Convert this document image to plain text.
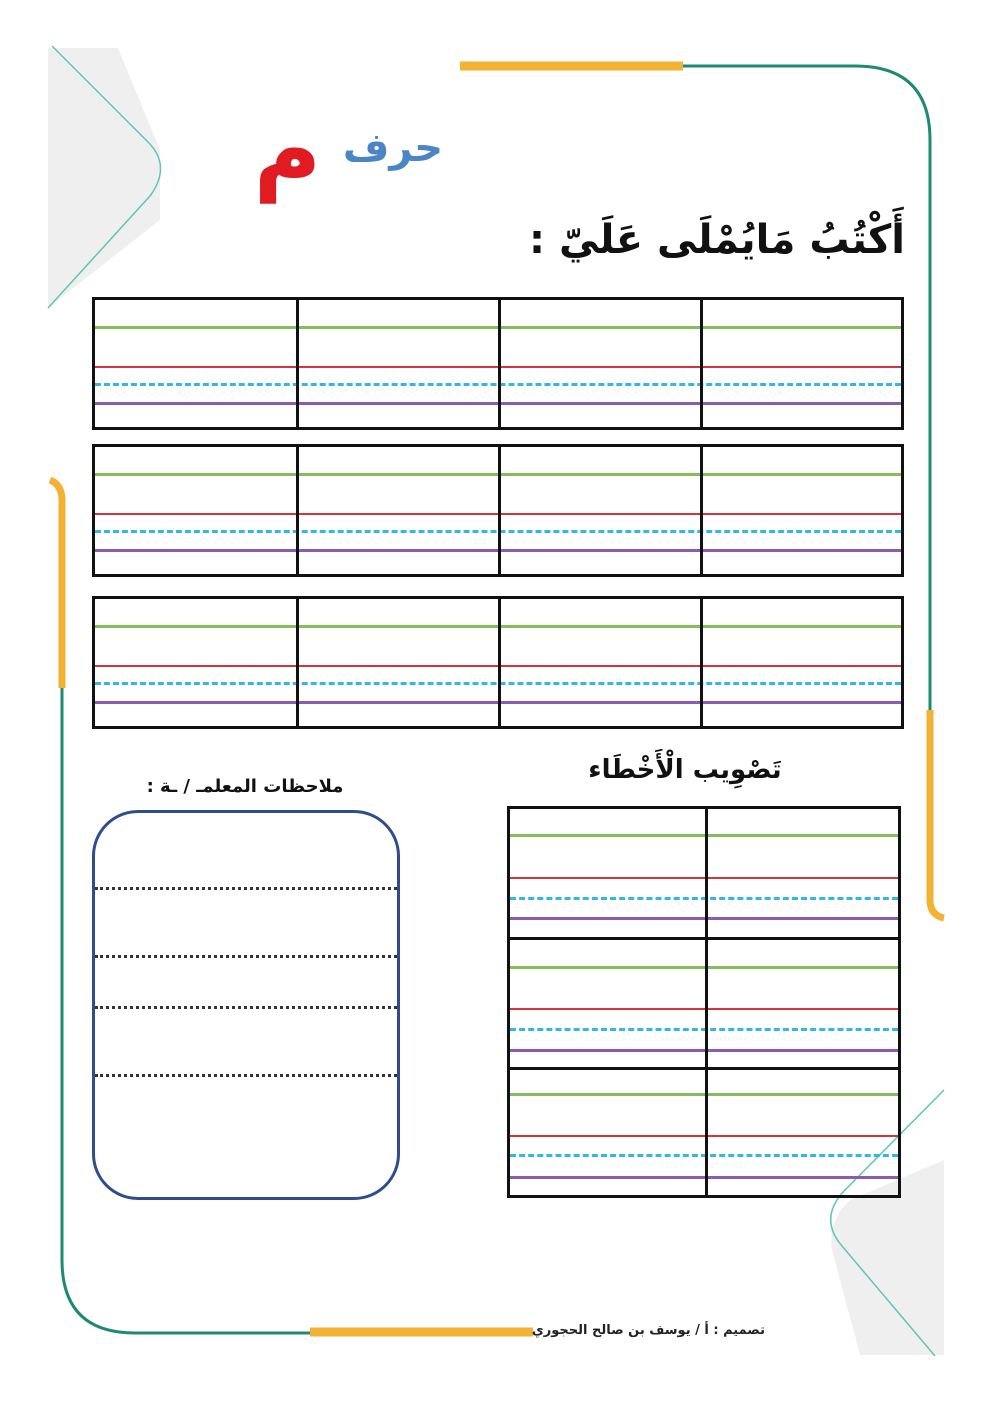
حرف
م
أَكْتُبُ مَايُمْلَى عَلَيّ :
تَصْوِيب الْأَخْطَاء
ملاحظات المعلمـ / ـة :
تصميم : أ / يوسف بن صالح الحجوري
